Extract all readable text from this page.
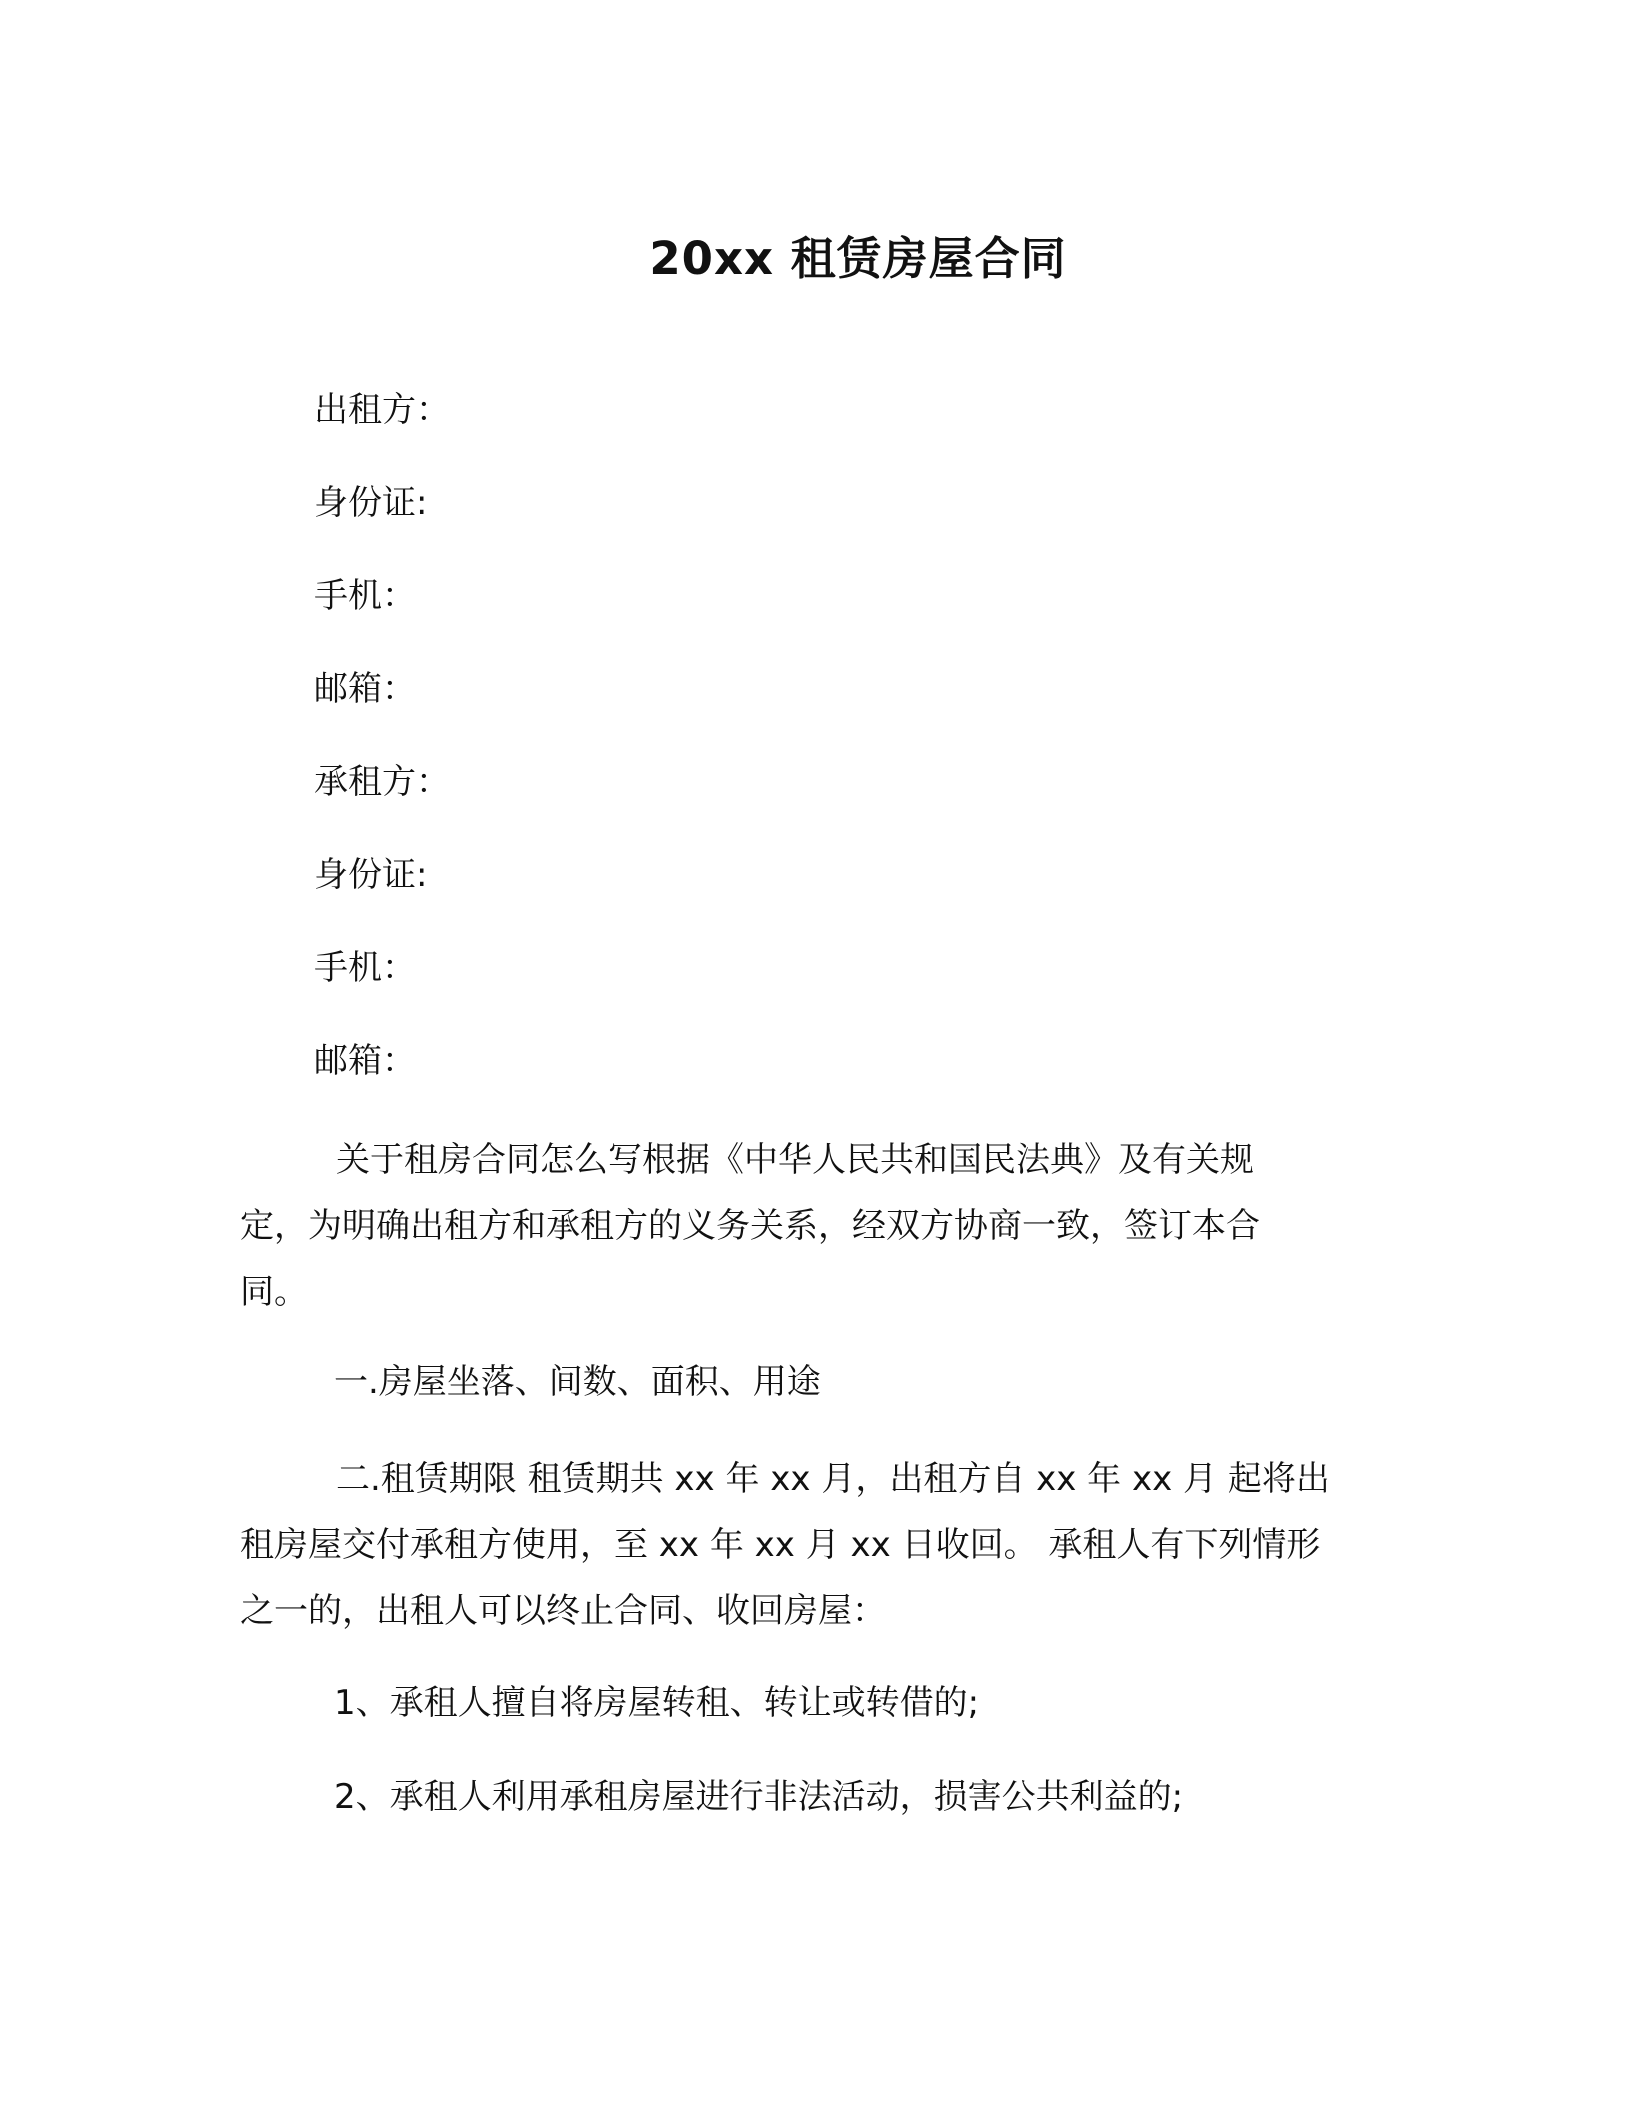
20xx 租赁房屋合同
出租方：
身份证:
手机：
邮箱：
承租方：
身份证:
手机：
邮箱：
关于租房合同怎么写根据《中华人民共和国民法典》及有关规
定，为明确出租方和承租方的义务关系，经双方协商一致，签订本合
同。
一.房屋坐落、间数、面积、用途
二.租赁期限 租赁期共 xx 年 xx 月，出租方自 xx 年 xx 月 起将出
租房屋交付承租方使用，至 xx 年 xx 月 xx 日收回。 承租人有下列情形
之一的，出租人可以终止合同、收回房屋：
1、承租人擅自将房屋转租、转让或转借的;
2、承租人利用承租房屋进行非法活动，损害公共利益的;
